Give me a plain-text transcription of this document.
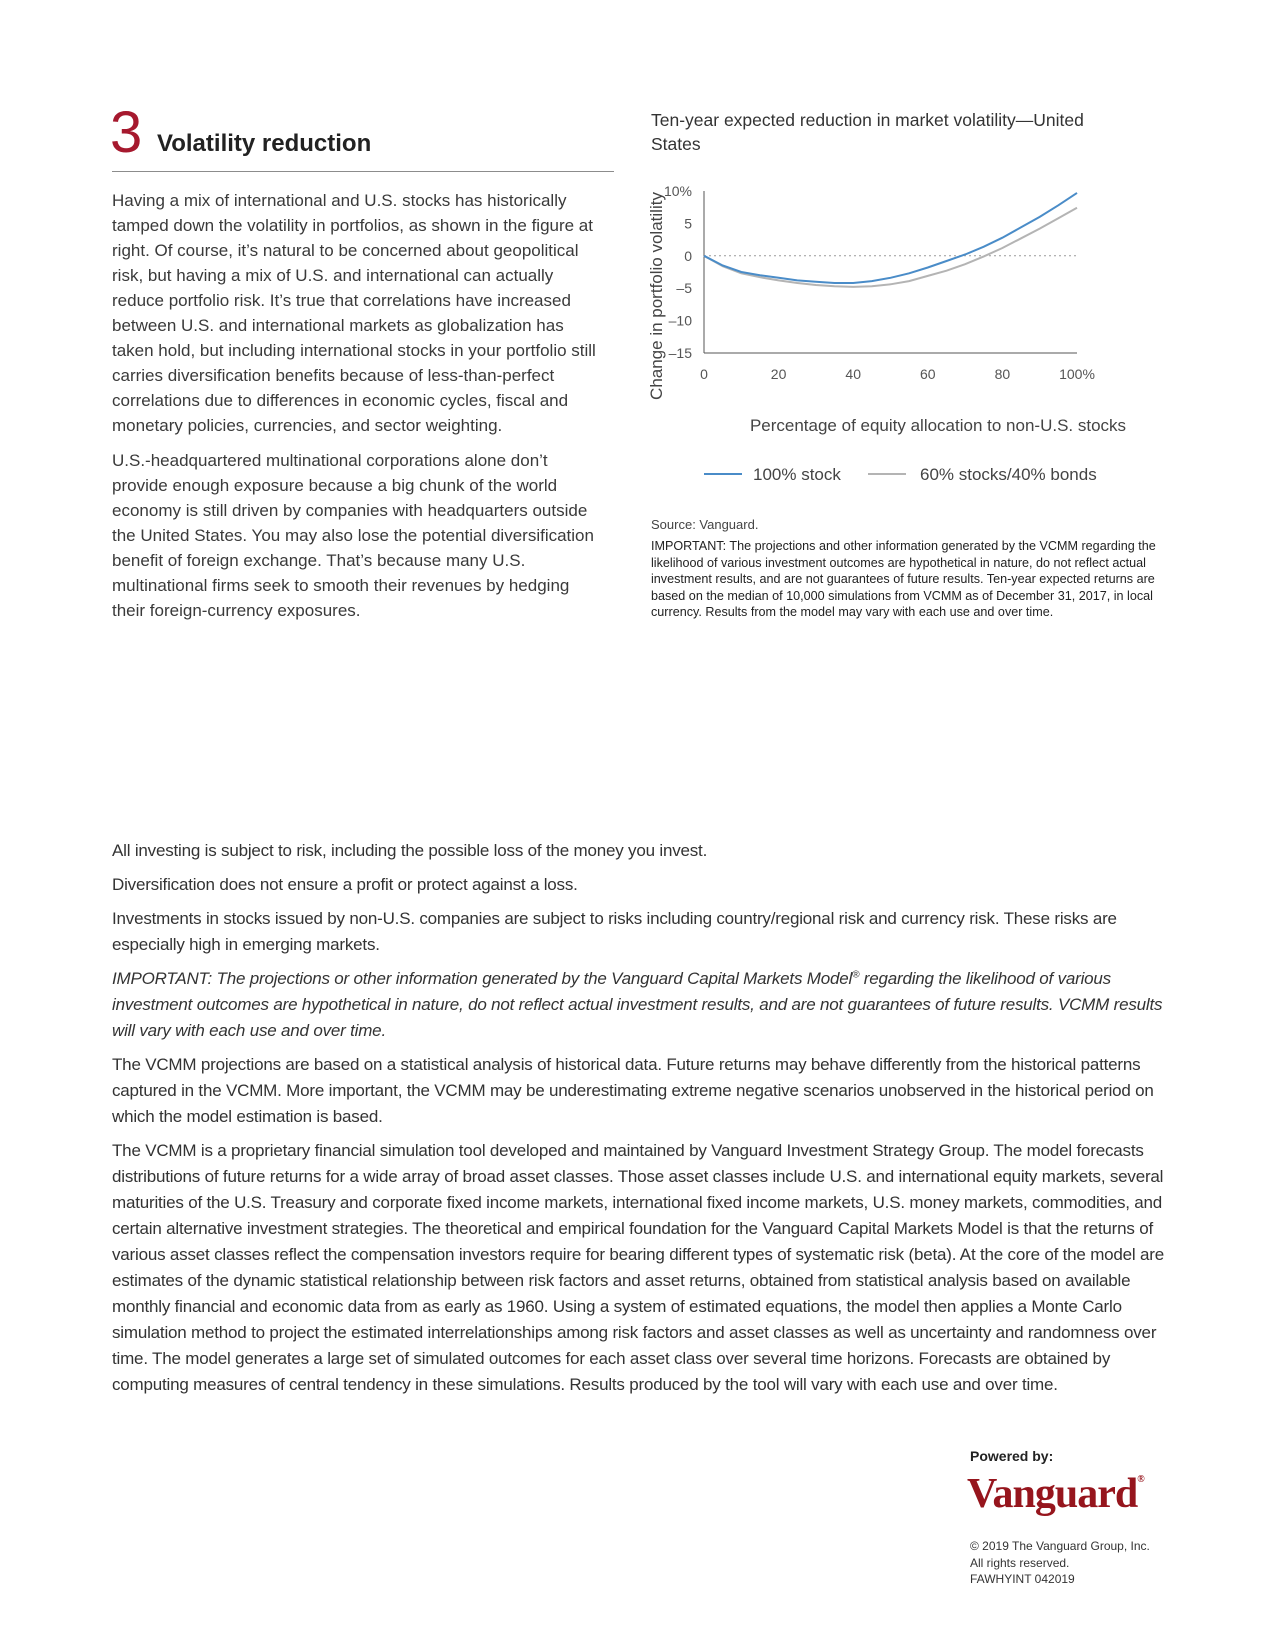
3 Volatility reduction

Having a mix of international and U.S. stocks has historically tamped down the volatility in portfolios, as shown in the figure at right. Of course, it’s natural to be concerned about geopolitical risk, but having a mix of U.S. and international can actually reduce portfolio risk. It’s true that correlations have increased between U.S. and international markets as globalization has taken hold, but including international stocks in your portfolio still carries diversification benefits because of less-than-perfect correlations due to differences in economic cycles, fiscal and monetary policies, currencies, and sector weighting.

U.S.-headquartered multinational corporations alone don’t provide enough exposure because a big chunk of the world economy is still driven by companies with headquarters outside the United States. You may also lose the potential diversification benefit of foreign exchange. That’s because many U.S. multinational firms seek to smooth their revenues by hedging their foreign-currency exposures.

Ten-year expected reduction in market volatility—United States
Change in portfolio volatility
Percentage of equity allocation to non-U.S. stocks
10%
5
0
–5
–10
–15
0	20	40	60	80	100%
100% stock	60% stocks/40% bonds
Source: Vanguard.
IMPORTANT: The projections and other information generated by the VCMM regarding the likelihood of various investment outcomes are hypothetical in nature, do not reflect actual investment results, and are not guarantees of future results. Ten-year expected returns are based on the median of 10,000 simulations from VCMM as of December 31, 2017, in local currency. Results from the model may vary with each use and over time.

All investing is subject to risk, including the possible loss of the money you invest.

Diversification does not ensure a profit or protect against a loss.

Investments in stocks issued by non-U.S. companies are subject to risks including country/regional risk and currency risk. These risks are especially high in emerging markets.

IMPORTANT: The projections or other information generated by the Vanguard Capital Markets Model® regarding the likelihood of various investment outcomes are hypothetical in nature, do not reflect actual investment results, and are not guarantees of future results. VCMM results will vary with each use and over time.

The VCMM projections are based on a statistical analysis of historical data. Future returns may behave differently from the historical patterns captured in the VCMM. More important, the VCMM may be underestimating extreme negative scenarios unobserved in the historical period on which the model estimation is based.

The VCMM is a proprietary financial simulation tool developed and maintained by Vanguard Investment Strategy Group. The model forecasts distributions of future returns for a wide array of broad asset classes. Those asset classes include U.S. and international equity markets, several maturities of the U.S. Treasury and corporate fixed income markets, international fixed income markets, U.S. money markets, commodities, and certain alternative investment strategies. The theoretical and empirical foundation for the Vanguard Capital Markets Model is that the returns of various asset classes reflect the compensation investors require for bearing different types of systematic risk (beta). At the core of the model are estimates of the dynamic statistical relationship between risk factors and asset returns, obtained from statistical analysis based on available monthly financial and economic data from as early as 1960. Using a system of estimated equations, the model then applies a Monte Carlo simulation method to project the estimated interrelationships among risk factors and asset classes as well as uncertainty and randomness over time. The model generates a large set of simulated outcomes for each asset class over several time horizons. Forecasts are obtained by computing measures of central tendency in these simulations. Results produced by the tool will vary with each use and over time.

Powered by:
Vanguard®
© 2019 The Vanguard Group, Inc.
All rights reserved.
FAWHYINT 042019
